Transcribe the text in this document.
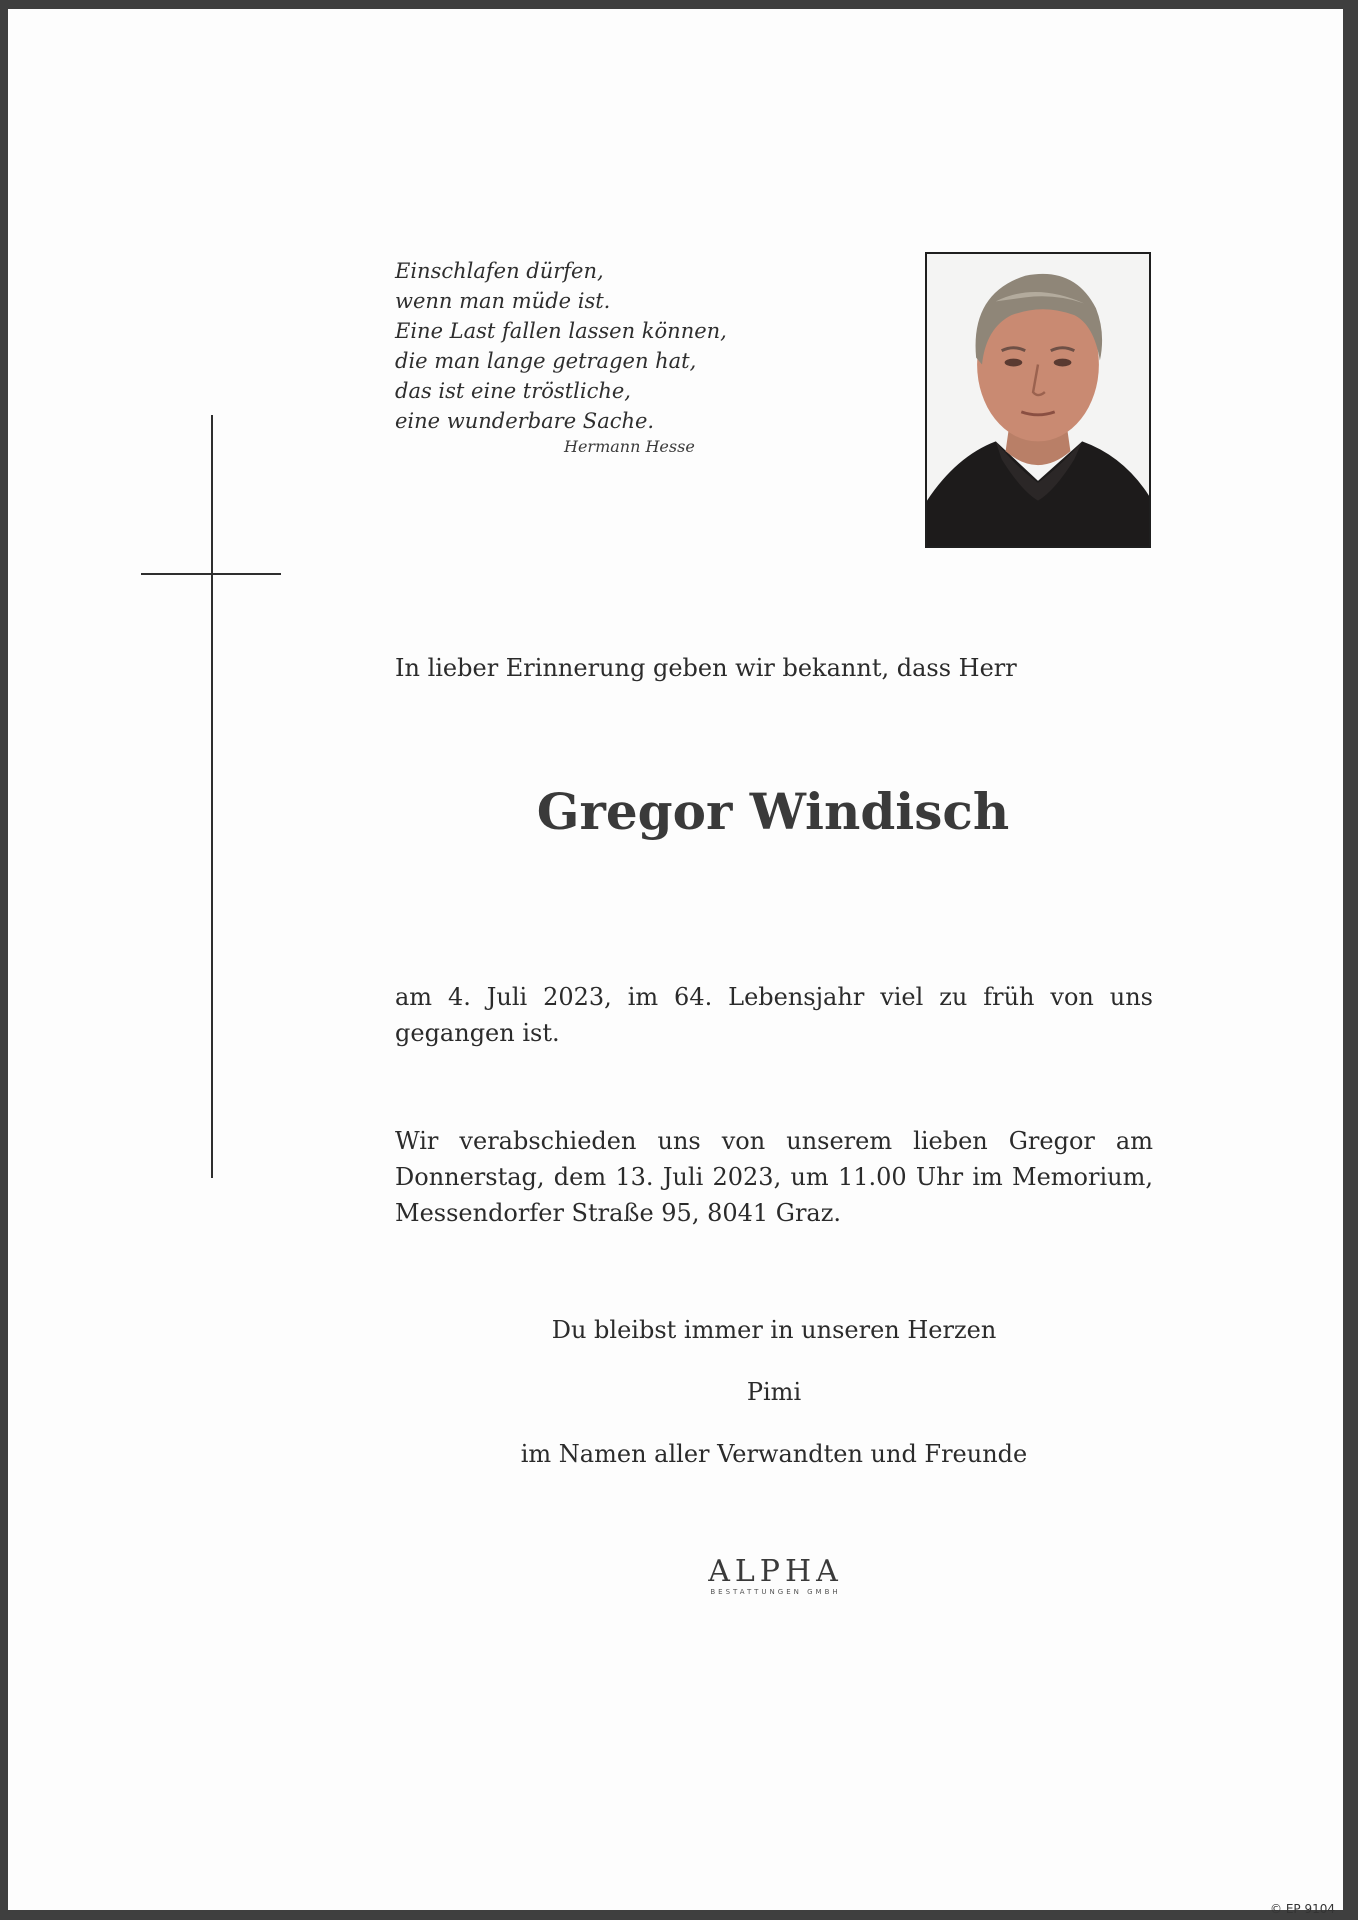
Einschlafen dürfen,
wenn man müde ist.
Eine Last fallen lassen können,
die man lange getragen hat,
das ist eine tröstliche,
eine wunderbare Sache.
Hermann Hesse
In lieber Erinnerung geben wir bekannt, dass Herr
Gregor Windisch

am 4. Juli 2023, im 64. Lebensjahr viel zu früh von uns

gegangen ist.

Wir verabschieden uns von unserem lieben Gregor am

Donnerstag, dem 13. Juli 2023, um 11.00 Uhr im Memorium,

Messendorfer Straße 95, 8041 Graz.

Du bleibst immer in unseren Herzen
Pimi
im Namen aller Verwandten und Freunde
ALPHA
BESTATTUNGEN GMBH
© EP 9104
